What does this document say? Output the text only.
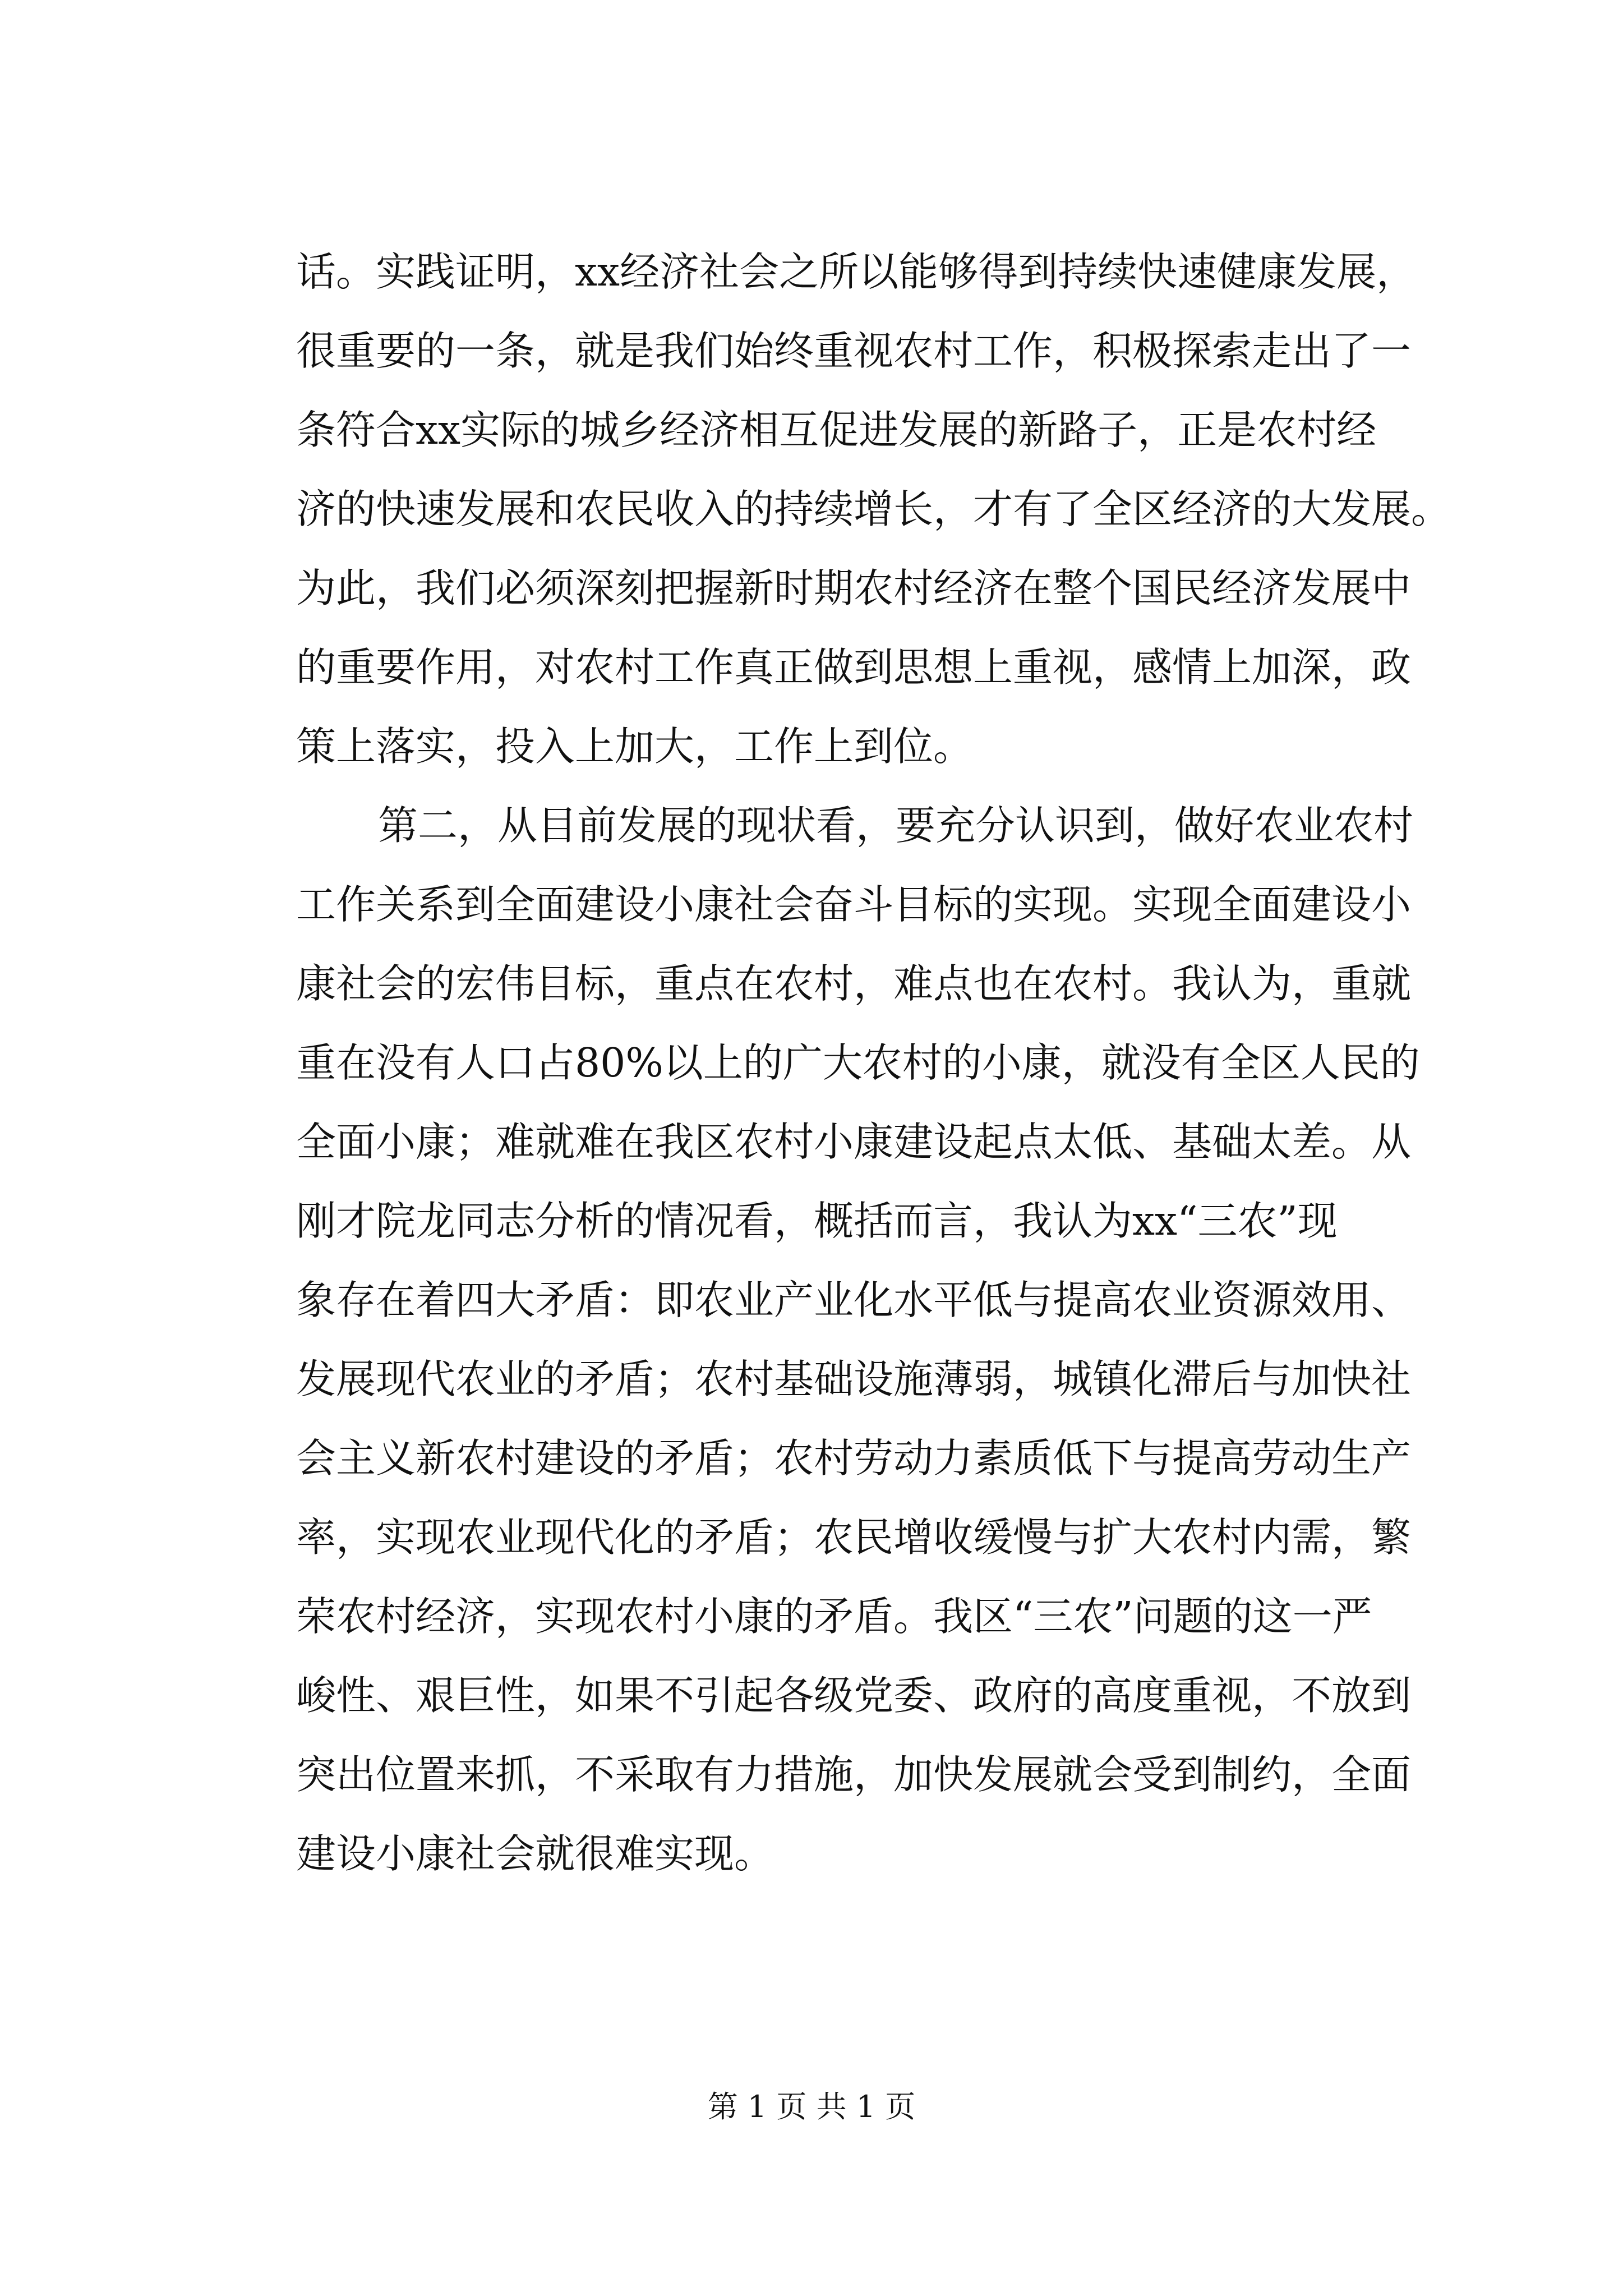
话。实践证明，xx经济社会之所以能够得到持续快速健康发展，
很重要的一条，就是我们始终重视农村工作，积极探索走出了一
条符合xx实际的城乡经济相互促进发展的新路子，正是农村经
济的快速发展和农民收入的持续增长，才有了全区经济的大发展。
为此，我们必须深刻把握新时期农村经济在整个国民经济发展中
的重要作用，对农村工作真正做到思想上重视，感情上加深，政
策上落实，投入上加大，工作上到位。
第二，从目前发展的现状看，要充分认识到，做好农业农村
工作关系到全面建设小康社会奋斗目标的实现。实现全面建设小
康社会的宏伟目标，重点在农村，难点也在农村。我认为，重就
重在没有人口占80%以上的广大农村的小康，就没有全区人民的
全面小康；难就难在我区农村小康建设起点太低、基础太差。从
刚才院龙同志分析的情况看，概括而言，我认为xx“三农”现
象存在着四大矛盾：即农业产业化水平低与提高农业资源效用、
发展现代农业的矛盾；农村基础设施薄弱，城镇化滞后与加快社
会主义新农村建设的矛盾；农村劳动力素质低下与提高劳动生产
率，实现农业现代化的矛盾；农民增收缓慢与扩大农村内需，繁
荣农村经济，实现农村小康的矛盾。我区“三农”问题的这一严
峻性、艰巨性，如果不引起各级党委、政府的高度重视，不放到
突出位置来抓，不采取有力措施，加快发展就会受到制约，全面
建设小康社会就很难实现。
第 1 页 共 1 页
